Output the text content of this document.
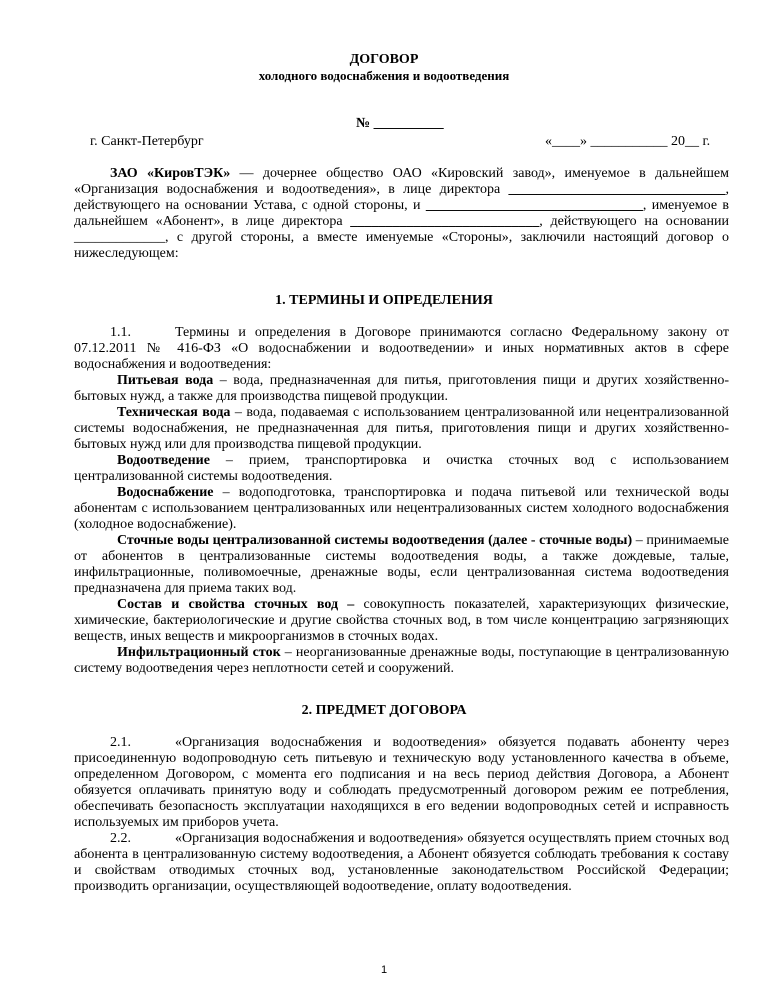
ДОГОВОР
холодного водоснабжения и водоотведения
№ __________
г. Санкт-Петербург	«____» ___________ 20__ г.

ЗАО «КировТЭК» — дочернее общество ОАО «Кировский завод», именуемое в дальнейшем «Организация водоснабжения и водоотведения», в лице директора _______________________________, действующего на основании Устава, с одной стороны, и _______________________________, именуемое в дальнейшем «Абонент», в лице директора ___________________________, действующего на основании _____________, с другой стороны, а вместе именуемые «Стороны», заключили настоящий договор о нижеследующем:

1. ТЕРМИНЫ И ОПРЕДЕЛЕНИЯ

1.1.	Термины и определения в Договоре принимаются согласно Федеральному закону от 07.12.2011 № 416-ФЗ «О водоснабжении и водоотведении» и иных нормативных актов в сфере водоснабжения и водоотведения:

Питьевая вода – вода, предназначенная для питья, приготовления пищи и других хозяйственно-бытовых нужд, а также для производства пищевой продукции.

Техническая вода – вода, подаваемая с использованием централизованной или нецентрализованной системы водоснабжения, не предназначенная для питья, приготовления пищи и других хозяйственно-бытовых нужд или для производства пищевой продукции.

Водоотведение – прием, транспортировка и очистка сточных вод с использованием централизованной системы водоотведения.

Водоснабжение – водоподготовка, транспортировка и подача питьевой или технической воды абонентам с использованием централизованных или нецентрализованных систем холодного водоснабжения (холодное водоснабжение).

Сточные воды централизованной системы водоотведения (далее - сточные воды) – принимаемые от абонентов в централизованные системы водоотведения воды, а также дождевые, талые, инфильтрационные, поливомоечные, дренажные воды, если централизованная система водоотведения предназначена для приема таких вод.

Состав и свойства сточных вод – совокупность показателей, характеризующих физические, химические, бактериологические и другие свойства сточных вод, в том числе концентрацию загрязняющих веществ, иных веществ и микроорганизмов в сточных водах.

Инфильтрационный сток – неорганизованные дренажные воды, поступающие в централизованную систему водоотведения через неплотности сетей и сооружений.

2. ПРЕДМЕТ ДОГОВОРА

2.1.	«Организация водоснабжения и водоотведения» обязуется подавать абоненту через присоединенную водопроводную сеть питьевую и техническую воду установленного качества в объеме, определенном Договором, с момента его подписания и на весь период действия Договора, а Абонент обязуется оплачивать принятую воду и соблюдать предусмотренный договором режим ее потребления, обеспечивать безопасность эксплуатации находящихся в его ведении водопроводных сетей и исправность используемых им приборов учета.

2.2.	«Организация водоснабжения и водоотведения» обязуется осуществлять прием сточных вод абонента в централизованную систему водоотведения, а Абонент обязуется соблюдать требования к составу и свойствам отводимых сточных вод, установленные законодательством Российской Федерации; производить организации, осуществляющей водоотведение, оплату водоотведения.

1
